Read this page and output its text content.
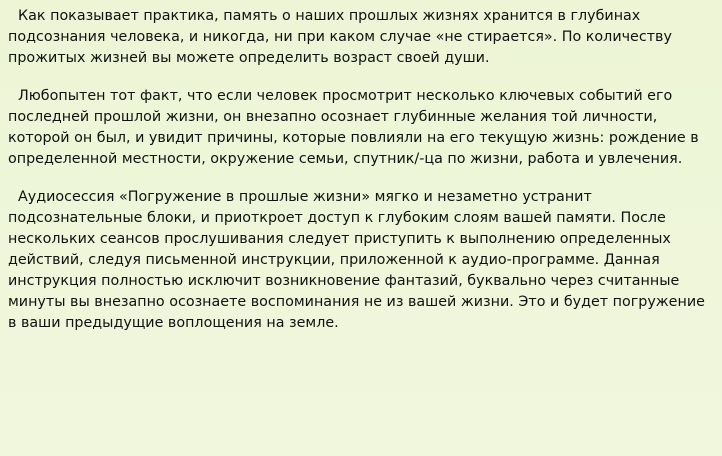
Как показывает практика, память о наших прошлых жизнях хранится в глубинах подсознания человека, и никогда, ни при каком случае «не стирается». По количеству прожитых жизней вы можете определить возраст своей души.

Любопытен тот факт, что если человек просмотрит несколько ключевых событий его последней прошлой жизни, он внезапно осознает глубинные желания той личности, которой он был, и увидит причины, которые повлияли на его текущую жизнь: рождение в определенной местности, окружение семьи, спутник/-ца по жизни, работа и увлечения.

Аудиосессия «Погружение в прошлые жизни» мягко и незаметно устранит подсознательные блоки, и приоткроет доступ к глубоким слоям вашей памяти. После нескольких сеансов прослушивания следует приступить к выполнению определенных действий, следуя письменной инструкции, приложенной к аудио-программе. Данная инструкция полностью исключит возникновение фантазий, буквально через считанные минуты вы внезапно осознаете воспоминания не из вашей жизни. Это и будет погружение в ваши предыдущие воплощения на земле.
